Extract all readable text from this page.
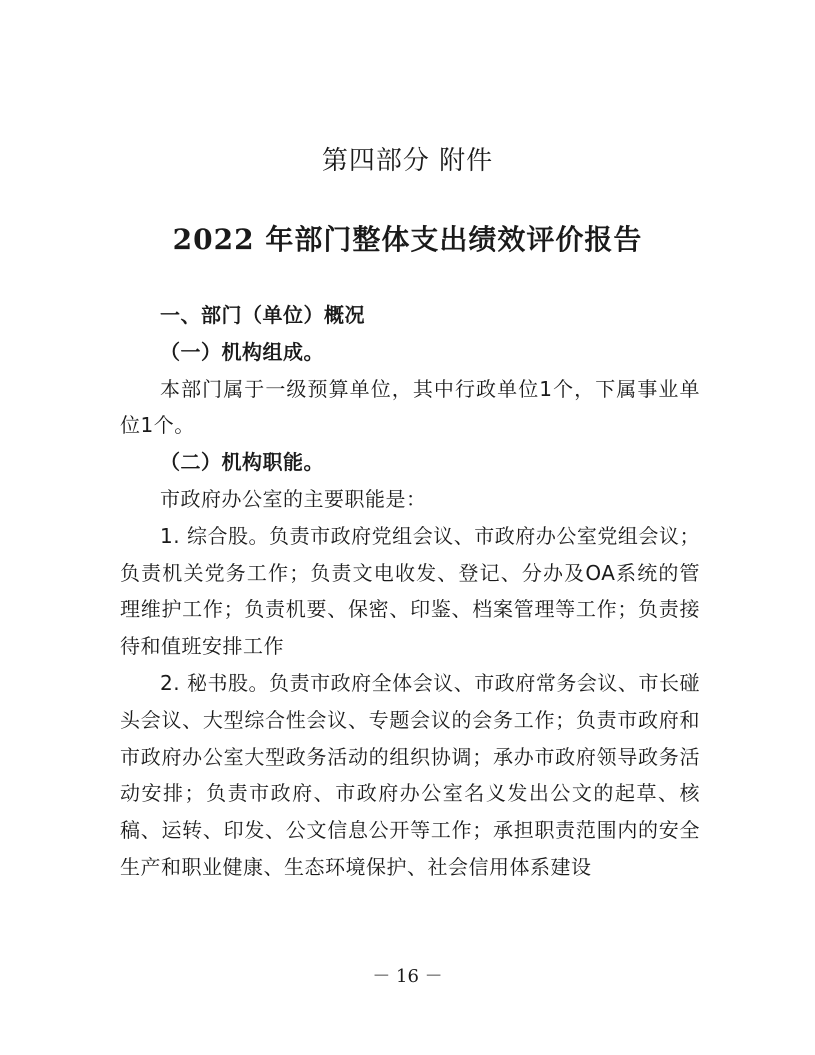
第四部分 附件
2022 年部门整体支出绩效评价报告

一、部门（单位）概况

（一）机构组成。

本部门属于一级预算单位，其中行政单位1个，下属事业单位1个。

（二）机构职能。

市政府办公室的主要职能是：

1. 综合股。负责市政府党组会议、市政府办公室党组会议；负责机关党务工作；负责文电收发、登记、分办及OA系统的管理维护工作；负责机要、保密、印鉴、档案管理等工作；负责接待和值班安排工作

2. 秘书股。负责市政府全体会议、市政府常务会议、市长碰头会议、大型综合性会议、专题会议的会务工作；负责市政府和市政府办公室大型政务活动的组织协调；承办市政府领导政务活动安排；负责市政府、市政府办公室名义发出公文的起草、核稿、运转、印发、公文信息公开等工作；承担职责范围内的安全生产和职业健康、生态环境保护、社会信用体系建设

－ 16 －
